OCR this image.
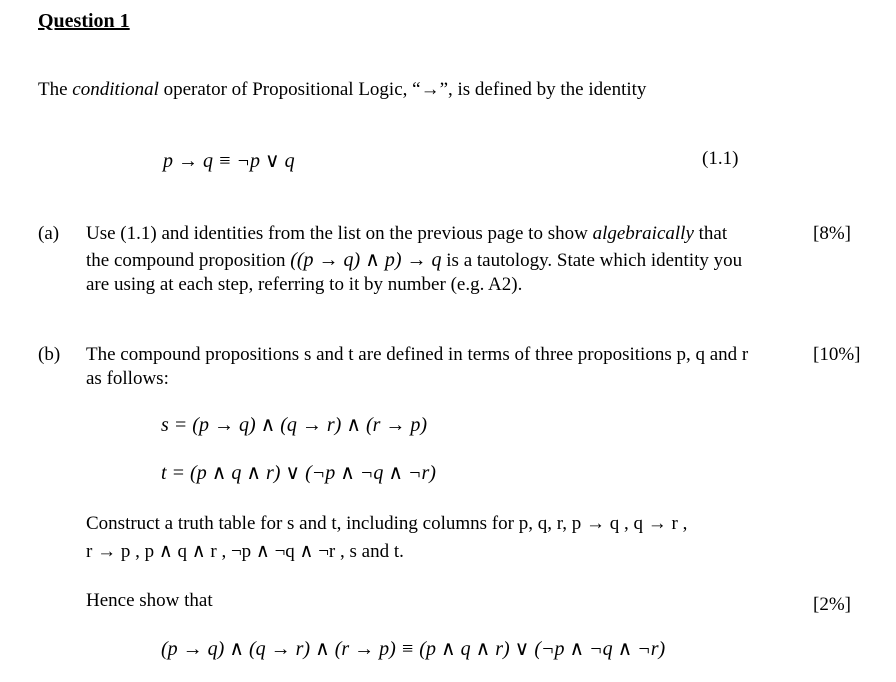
Question 1
The conditional operator of Propositional Logic, “→”, is defined by the identity
p → q ≡ ¬p ∨ q	(1.1)
(a)	[8%]
Use (1.1) and identities from the list on the previous page to show algebraically that
the compound proposition ((p → q) ∧ p) → q is a tautology. State which identity you
are using at each step, referring to it by number (e.g. A2).
(b)	[10%]
The compound propositions s and t are defined in terms of three propositions p, q and r
as follows:
s = (p → q) ∧ (q → r) ∧ (r → p)
t = (p ∧ q ∧ r) ∨ (¬p ∧ ¬q ∧ ¬r)
Construct a truth table for s and t, including columns for p, q, r, p → q , q → r ,
r → p , p ∧ q ∧ r , ¬p ∧ ¬q ∧ ¬r , s and t.
Hence show that	[2%]
(p → q) ∧ (q → r) ∧ (r → p) ≡ (p ∧ q ∧ r) ∨ (¬p ∧ ¬q ∧ ¬r)
